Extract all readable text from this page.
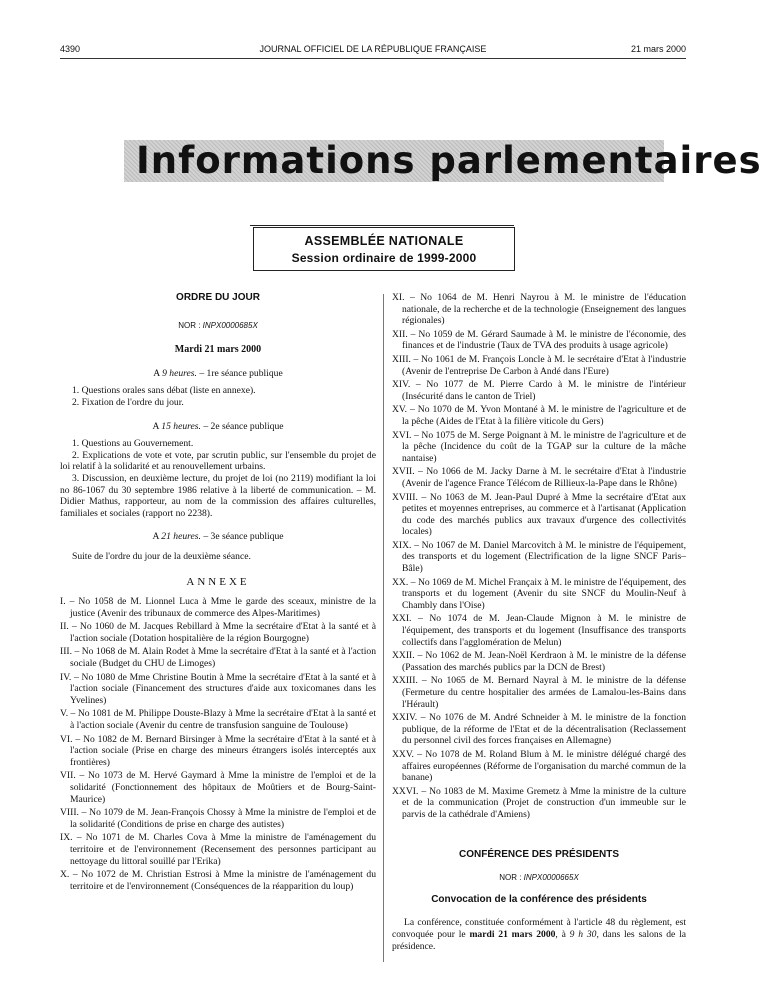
4390	JOURNAL OFFICIEL DE LA RÉPUBLIQUE FRANÇAISE	21 mars 2000
Informations parlementaires
ASSEMBLÉE NATIONALE
Session ordinaire de 1999-2000
ORDRE DU JOUR
NOR : INPX0000685X
Mardi 21 mars 2000
A 9 heures. – 1re séance publique

1. Questions orales sans débat (liste en annexe).

2. Fixation de l'ordre du jour.

A 15 heures. – 2e séance publique

1. Questions au Gouvernement.

2. Explications de vote et vote, par scrutin public, sur l'ensemble du projet de loi relatif à la solidarité et au renouvellement urbains.

3. Discussion, en deuxième lecture, du projet de loi (no 2119) modifiant la loi no 86-1067 du 30 septembre 1986 relative à la liberté de communication. – M. Didier Mathus, rapporteur, au nom de la commission des affaires culturelles, familiales et sociales (rapport no 2238).

A 21 heures. – 3e séance publique

Suite de l'ordre du jour de la deuxième séance.

ANNEXE
I. – No 1058 de M. Lionnel Luca à Mme le garde des sceaux, ministre de la justice (Avenir des tribunaux de commerce des Alpes-Maritimes)
II. – No 1060 de M. Jacques Rebillard à Mme la secrétaire d'Etat à la santé et à l'action sociale (Dotation hospitalière de la région Bourgogne)
III. – No 1068 de M. Alain Rodet à Mme la secrétaire d'Etat à la santé et à l'action sociale (Budget du CHU de Limoges)
IV. – No 1080 de Mme Christine Boutin à Mme la secrétaire d'Etat à la santé et à l'action sociale (Financement des structures d'aide aux toxicomanes dans les Yvelines)
V. – No 1081 de M. Philippe Douste-Blazy à Mme la secrétaire d'Etat à la santé et à l'action sociale (Avenir du centre de transfusion sanguine de Toulouse)
VI. – No 1082 de M. Bernard Birsinger à Mme la secrétaire d'Etat à la santé et à l'action sociale (Prise en charge des mineurs étrangers isolés interceptés aux frontières)
VII. – No 1073 de M. Hervé Gaymard à Mme la ministre de l'emploi et de la solidarité (Fonctionnement des hôpitaux de Moûtiers et de Bourg-Saint-Maurice)
VIII. – No 1079 de M. Jean-François Chossy à Mme la ministre de l'emploi et de la solidarité (Conditions de prise en charge des autistes)
IX. – No 1071 de M. Charles Cova à Mme la ministre de l'aménagement du territoire et de l'environnement (Recensement des personnes participant au nettoyage du littoral souillé par l'Erika)
X. – No 1072 de M. Christian Estrosi à Mme la ministre de l'aménagement du territoire et de l'environnement (Conséquences de la réapparition du loup)
XI. – No 1064 de M. Henri Nayrou à M. le ministre de l'éducation nationale, de la recherche et de la technologie (Enseignement des langues régionales)
XII. – No 1059 de M. Gérard Saumade à M. le ministre de l'économie, des finances et de l'industrie (Taux de TVA des produits à usage agricole)
XIII. – No 1061 de M. François Loncle à M. le secrétaire d'Etat à l'industrie (Avenir de l'entreprise De Carbon à Andé dans l'Eure)
XIV. – No 1077 de M. Pierre Cardo à M. le ministre de l'intérieur (Insécurité dans le canton de Triel)
XV. – No 1070 de M. Yvon Montané à M. le ministre de l'agriculture et de la pêche (Aides de l'Etat à la filière viticole du Gers)
XVI. – No 1075 de M. Serge Poignant à M. le ministre de l'agriculture et de la pêche (Incidence du coût de la TGAP sur la culture de la mâche nantaise)
XVII. – No 1066 de M. Jacky Darne à M. le secrétaire d'Etat à l'industrie (Avenir de l'agence France Télécom de Rillieux-la-Pape dans le Rhône)
XVIII. – No 1063 de M. Jean-Paul Dupré à Mme la secrétaire d'Etat aux petites et moyennes entreprises, au commerce et à l'artisanat (Application du code des marchés publics aux travaux d'urgence des collectivités locales)
XIX. – No 1067 de M. Daniel Marcovitch à M. le ministre de l'équipement, des transports et du logement (Electrification de la ligne SNCF Paris–Bâle)
XX. – No 1069 de M. Michel Françaix à M. le ministre de l'équipement, des transports et du logement (Avenir du site SNCF du Moulin-Neuf à Chambly dans l'Oise)
XXI. – No 1074 de M. Jean-Claude Mignon à M. le ministre de l'équipement, des transports et du logement (Insuffisance des transports collectifs dans l'agglomération de Melun)
XXII. – No 1062 de M. Jean-Noël Kerdraon à M. le ministre de la défense (Passation des marchés publics par la DCN de Brest)
XXIII. – No 1065 de M. Bernard Nayral à M. le ministre de la défense (Fermeture du centre hospitalier des armées de Lamalou-les-Bains dans l'Hérault)
XXIV. – No 1076 de M. André Schneider à M. le ministre de la fonction publique, de la réforme de l'Etat et de la décentralisation (Reclassement du personnel civil des forces françaises en Allemagne)
XXV. – No 1078 de M. Roland Blum à M. le ministre délégué chargé des affaires européennes (Réforme de l'organisation du marché commun de la banane)
XXVI. – No 1083 de M. Maxime Gremetz à Mme la ministre de la culture et de la communication (Projet de construction d'un immeuble sur le parvis de la cathédrale d'Amiens)
CONFÉRENCE DES PRÉSIDENTS
NOR : INPX0000665X
Convocation de la conférence des présidents

La conférence, constituée conformément à l'article 48 du règlement, est convoquée pour le mardi 21 mars 2000, à 9 h 30, dans les salons de la présidence.
